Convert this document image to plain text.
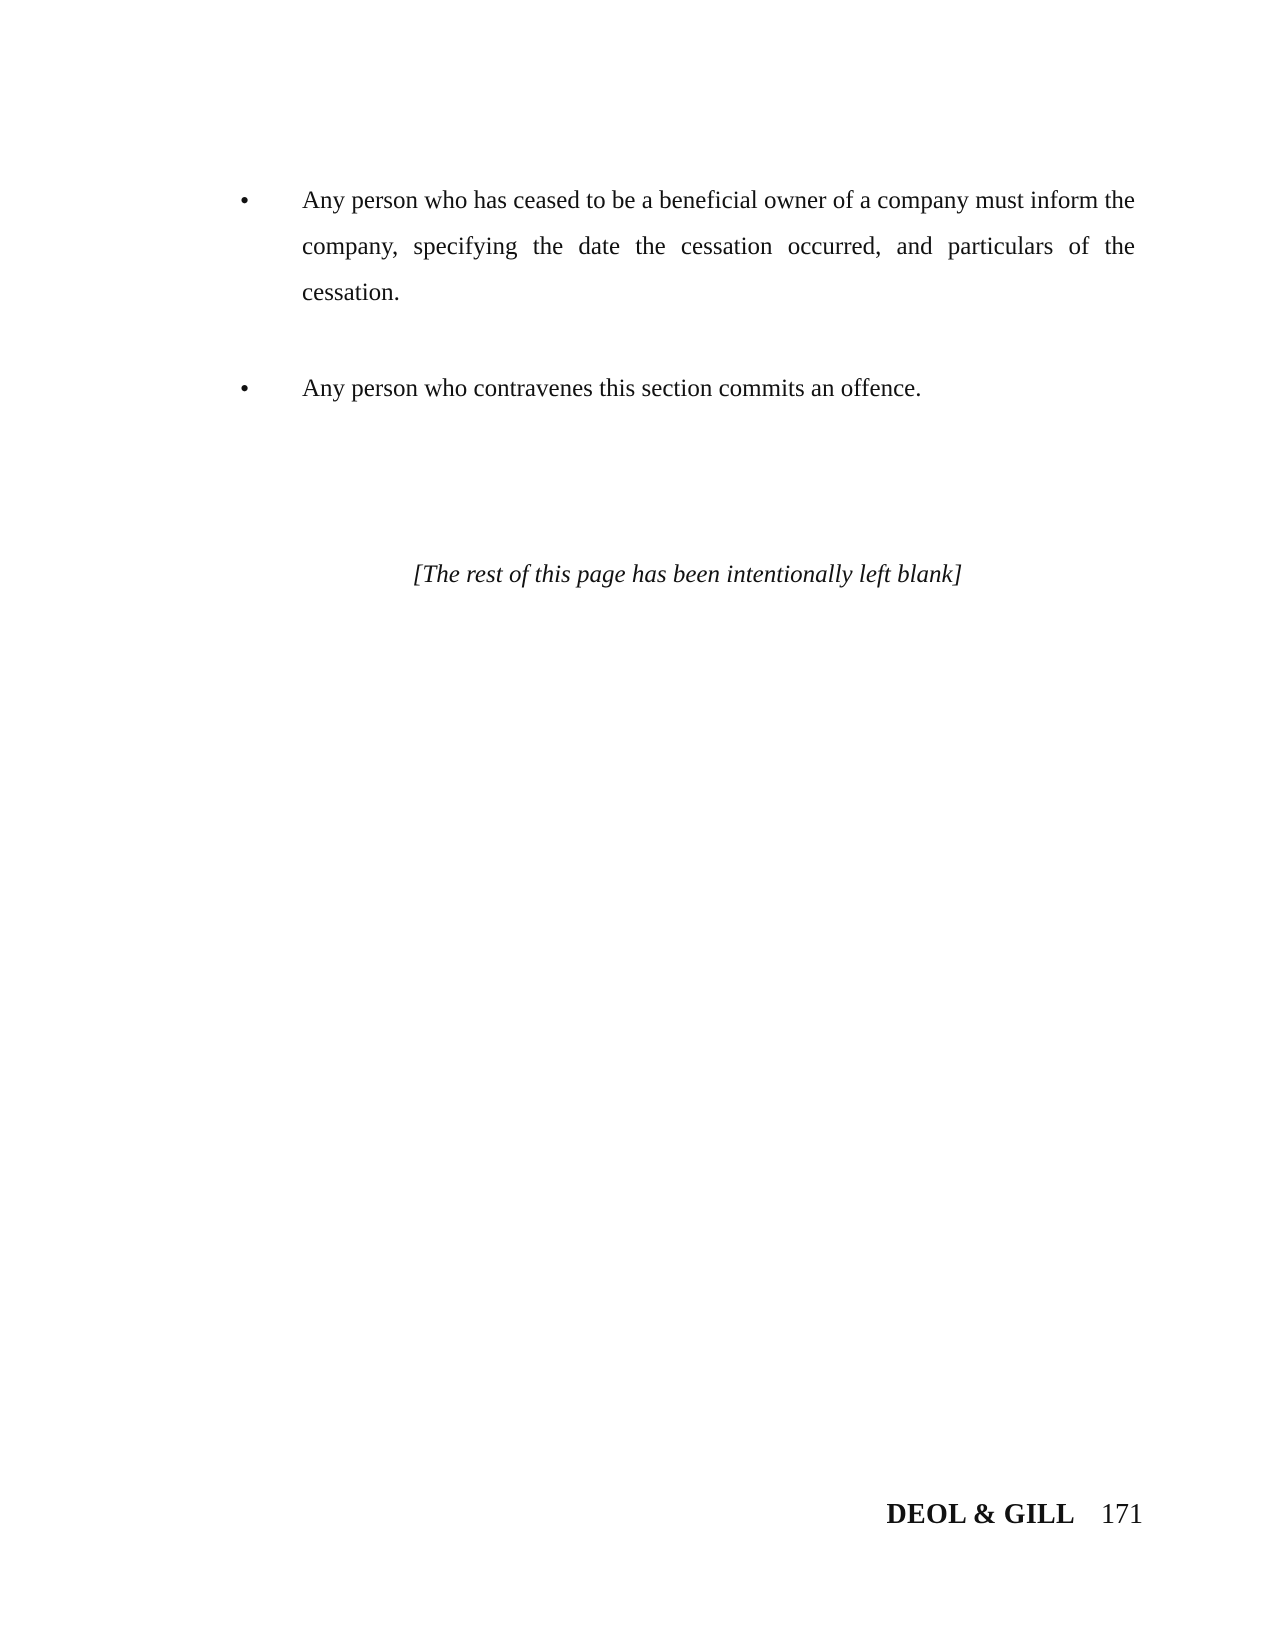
•	Any person who has ceased to be a beneficial owner of a company must inform the company, specifying the date the cessation occurred, and particulars of the cessation.
•	Any person who contravenes this section commits an offence.
[The rest of this page has been intentionally left blank]
DEOL & GILL 171
